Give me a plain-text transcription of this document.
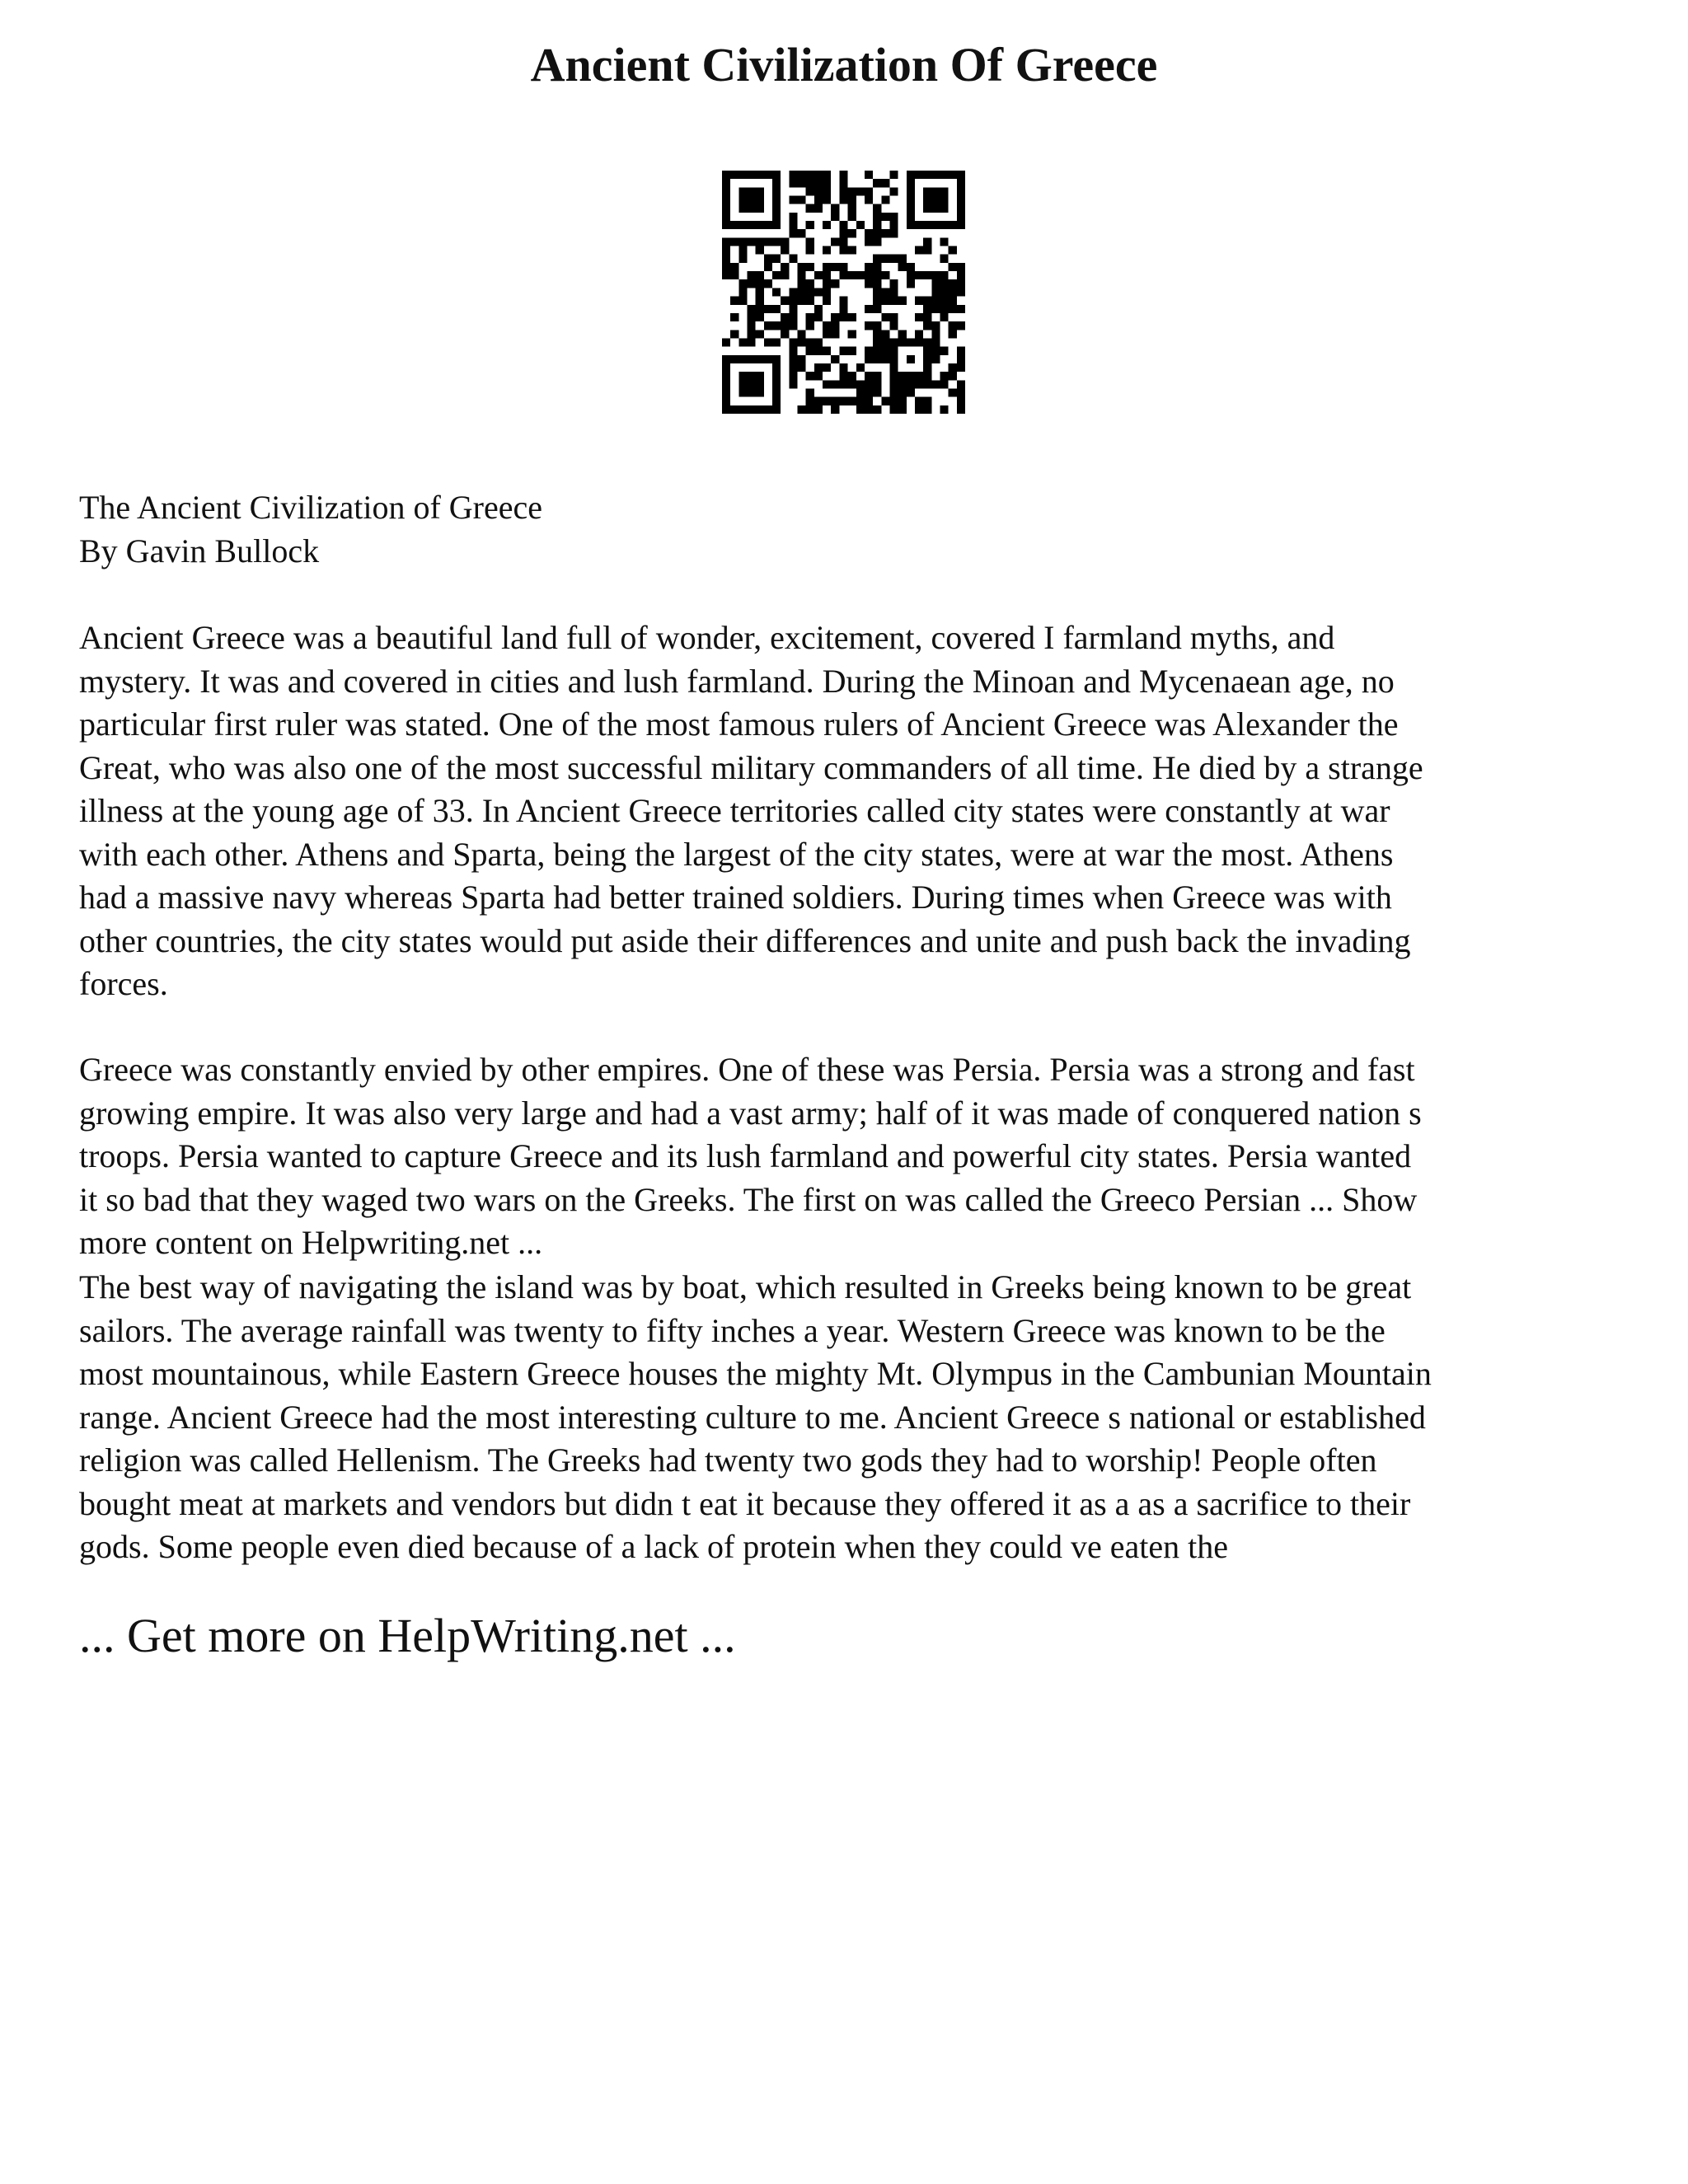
Ancient Civilization Of Greece
The Ancient Civilization of Greece
By Gavin Bullock
Ancient Greece was a beautiful land full of wonder, excitement, covered I farmland myths, and
mystery. It was and covered in cities and lush farmland. During the Minoan and Mycenaean age, no
particular first ruler was stated. One of the most famous rulers of Ancient Greece was Alexander the
Great, who was also one of the most successful military commanders of all time. He died by a strange
illness at the young age of 33. In Ancient Greece territories called city states were constantly at war
with each other. Athens and Sparta, being the largest of the city states, were at war the most. Athens
had a massive navy whereas Sparta had better trained soldiers. During times when Greece was with
other countries, the city states would put aside their differences and unite and push back the invading
forces.
Greece was constantly envied by other empires. One of these was Persia. Persia was a strong and fast
growing empire. It was also very large and had a vast army; half of it was made of conquered nation s
troops. Persia wanted to capture Greece and its lush farmland and powerful city states. Persia wanted
it so bad that they waged two wars on the Greeks. The first on was called the Greeco Persian ... Show
more content on Helpwriting.net ...
The best way of navigating the island was by boat, which resulted in Greeks being known to be great
sailors. The average rainfall was twenty to fifty inches a year. Western Greece was known to be the
most mountainous, while Eastern Greece houses the mighty Mt. Olympus in the Cambunian Mountain
range. Ancient Greece had the most interesting culture to me. Ancient Greece s national or established
religion was called Hellenism. The Greeks had twenty two gods they had to worship! People often
bought meat at markets and vendors but didn t eat it because they offered it as a as a sacrifice to their
gods. Some people even died because of a lack of protein when they could ve eaten the
... Get more on HelpWriting.net ...
